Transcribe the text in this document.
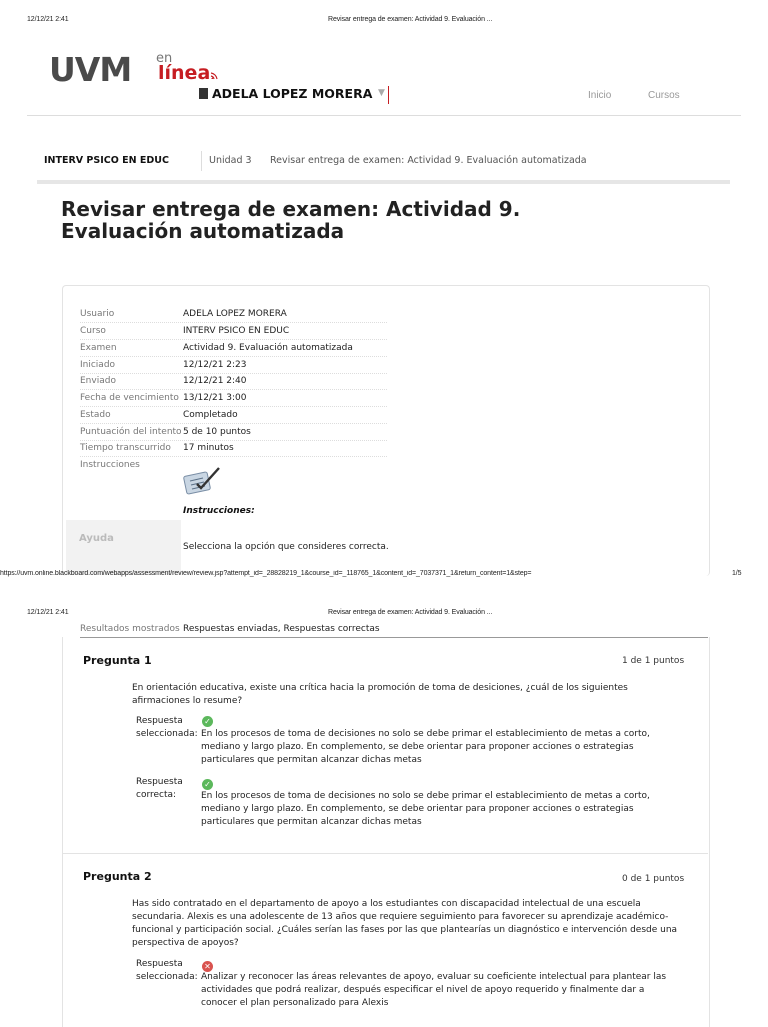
12/12/21 2:41	Revisar entrega de examen: Actividad 9. Evaluación ...
UVM en
línea
ADELA LOPEZ MORERA ▼	Inicio	Cursos
INTERV PSICO EN EDUC	Unidad 3 Revisar entrega de examen: Actividad 9. Evaluación automatizada
Revisar entrega de examen: Actividad 9. Evaluación automatizada
Ayuda
Usuario	ADELA LOPEZ MORERA
Curso	INTERV PSICO EN EDUC
Examen	Actividad 9. Evaluación automatizada
Iniciado	12/12/21 2:23
Enviado	12/12/21 2:40
Fecha de vencimiento 13/12/21 3:00
Estado	Completado
Puntuación del intento 5 de 10 puntos
Tiempo transcurrido 17 minutos
Instrucciones
Instrucciones:
Selecciona la opción que consideres correcta.
https://uvm.online.blackboard.com/webapps/assessment/review/review.jsp?attempt_id=_28828219_1&course_id=_118765_1&content_id=_7037371_1&return_content=1&step=	1/5
12/12/21 2:41	Revisar entrega de examen: Actividad 9. Evaluación ...
Resultados mostrados Respuestas enviadas, Respuestas correctas
Pregunta 1	1 de 1 puntos
En orientación educativa, existe una crítica hacia la promoción de toma de desiciones, ¿cuál de los siguientes afirmaciones lo resume?
Respuesta
seleccionada:
✓
En los procesos de toma de decisiones no solo se debe primar el establecimiento de metas a corto, mediano y largo plazo. En complemento, se debe orientar para proponer acciones o estrategias particulares que permitan alcanzar dichas metas
Respuesta
correcta:
✓
En los procesos de toma de decisiones no solo se debe primar el establecimiento de metas a corto, mediano y largo plazo. En complemento, se debe orientar para proponer acciones o estrategias particulares que permitan alcanzar dichas metas
Pregunta 2	0 de 1 puntos
Has sido contratado en el departamento de apoyo a los estudiantes con discapacidad intelectual de una escuela secundaria. Alexis es una adolescente de 13 años que requiere seguimiento para favorecer su aprendizaje académico-funcional y participación social. ¿Cuáles serían las fases por las que plantearías un diagnóstico e intervención desde una perspectiva de apoyos?
Respuesta
seleccionada:
✕
Analizar y reconocer las áreas relevantes de apoyo, evaluar su coeficiente intelectual para plantear las actividades que podrá realizar, después especificar el nivel de apoyo requerido y finalmente dar a conocer el plan personalizado para Alexis
